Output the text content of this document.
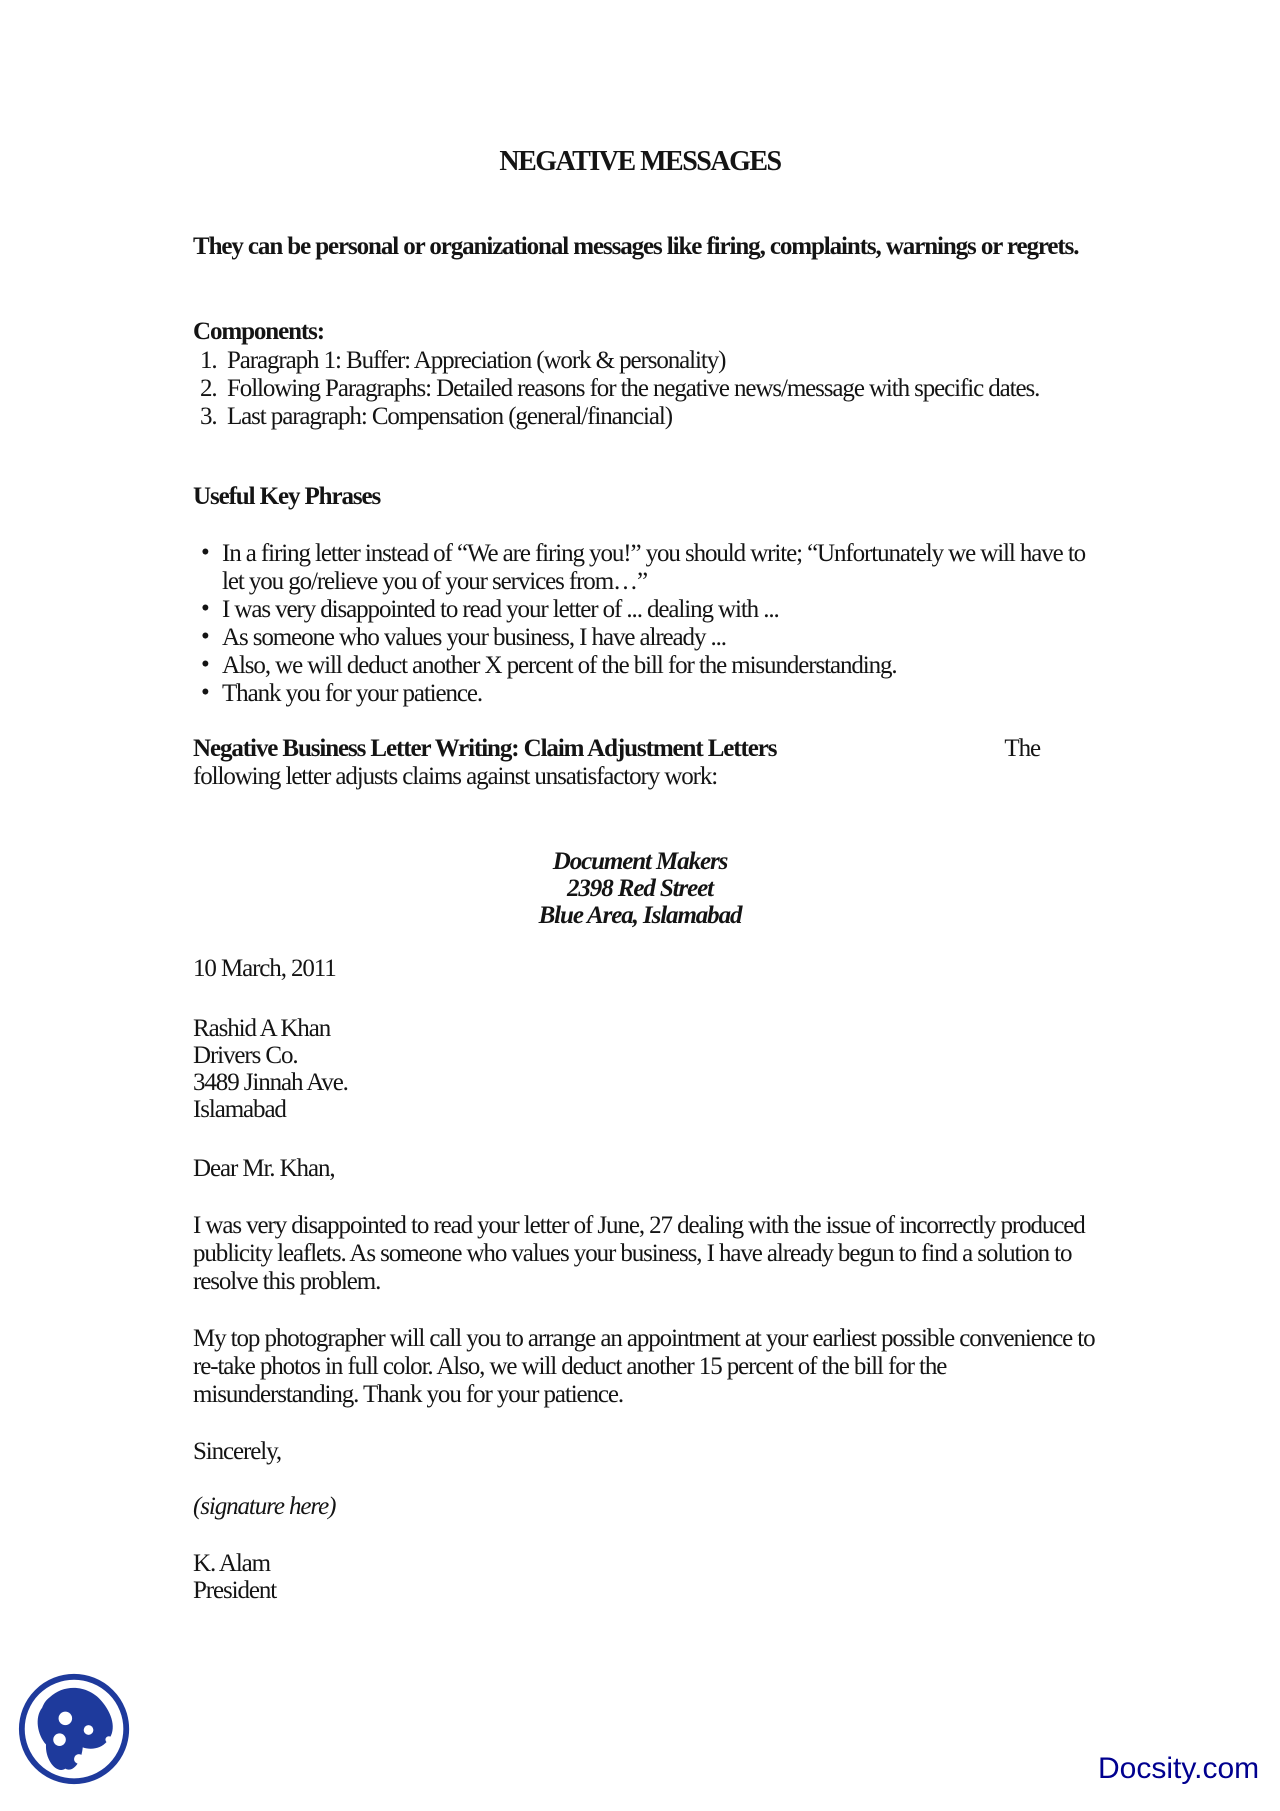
NEGATIVE MESSAGES

They can be personal or organizational messages like firing, complaints, warnings or regrets.

Components:

1. Paragraph 1: Buffer: Appreciation (work & personality)
2. Following Paragraphs: Detailed reasons for the negative news/message with specific dates.
3. Last paragraph: Compensation (general/financial)

Useful Key Phrases

• In a firing letter instead of “We are firing you!” you should write; “Unfortunately we will have to let you go/relieve you of your services from…”
• I was very disappointed to read your letter of ... dealing with ...
• As someone who values your business, I have already ...
• Also, we will deduct another X percent of the bill for the misunderstanding.
• Thank you for your patience.
Negative Business Letter Writing: Claim Adjustment Letters	The
following letter adjusts claims against unsatisfactory work:
Document Makers
2398 Red Street
Blue Area, Islamabad

10 March, 2011

Rashid A Khan
Drivers Co.
3489 Jinnah Ave.
Islamabad

Dear Mr. Khan,

I was very disappointed to read your letter of June, 27 dealing with the issue of incorrectly produced publicity leaflets. As someone who values your business, I have already begun to find a solution to resolve this problem.

My top photographer will call you to arrange an appointment at your earliest possible convenience to re-take photos in full color. Also, we will deduct another 15 percent of the bill for the misunderstanding. Thank you for your patience.

Sincerely,

(signature here)

K. Alam
President
Docsity.com
